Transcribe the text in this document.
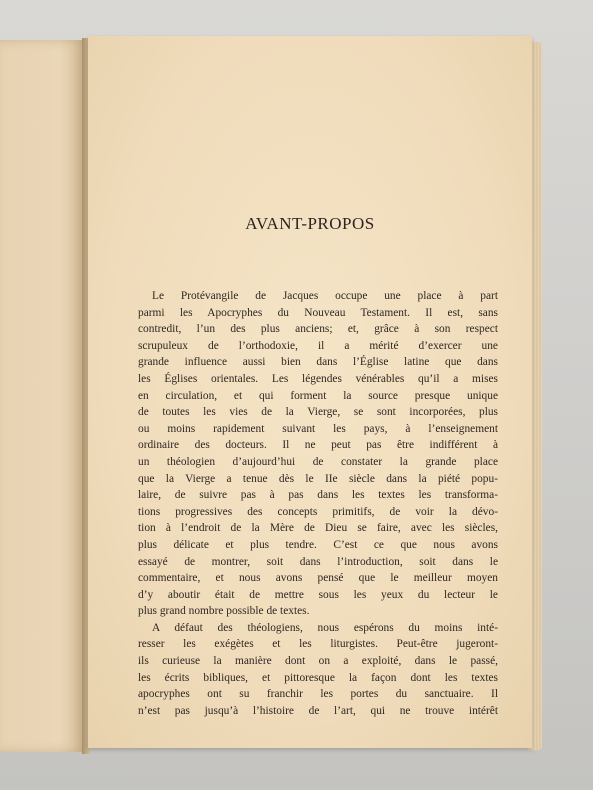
AVANT-PROPOS
Le Protévangile de Jacques occupe une place à part
parmi les Apocryphes du Nouveau Testament. Il est, sans
contredit, l’un des plus anciens; et, grâce à son respect
scrupuleux de l’orthodoxie, il a mérité d’exercer une
grande influence aussi bien dans l’Église latine que dans
les Églises orientales. Les légendes vénérables qu’il a mises
en circulation, et qui forment la source presque unique
de toutes les vies de la Vierge, se sont incorporées, plus
ou moins rapidement suivant les pays, à l’enseignement
ordinaire des docteurs. Il ne peut pas être indifférent à
un théologien d’aujourd’hui de constater la grande place
que la Vierge a tenue dès le IIe siècle dans la piété popu-
laire, de suivre pas à pas dans les textes les transforma-
tions progressives des concepts primitifs, de voir la dévo-
tion à l’endroit de la Mère de Dieu se faire, avec les siècles,
plus délicate et plus tendre. C’est ce que nous avons
essayé de montrer, soit dans l’introduction, soit dans le
commentaire, et nous avons pensé que le meilleur moyen
d’y aboutir était de mettre sous les yeux du lecteur le
plus grand nombre possible de textes.
A défaut des théologiens, nous espérons du moins inté-
resser les exégètes et les liturgistes. Peut-être jugeront-
ils curieuse la manière dont on a exploité, dans le passé,
les écrits bibliques, et pittoresque la façon dont les textes
apocryphes ont su franchir les portes du sanctuaire. Il
n’est pas jusqu’à l’histoire de l’art, qui ne trouve intérêt
